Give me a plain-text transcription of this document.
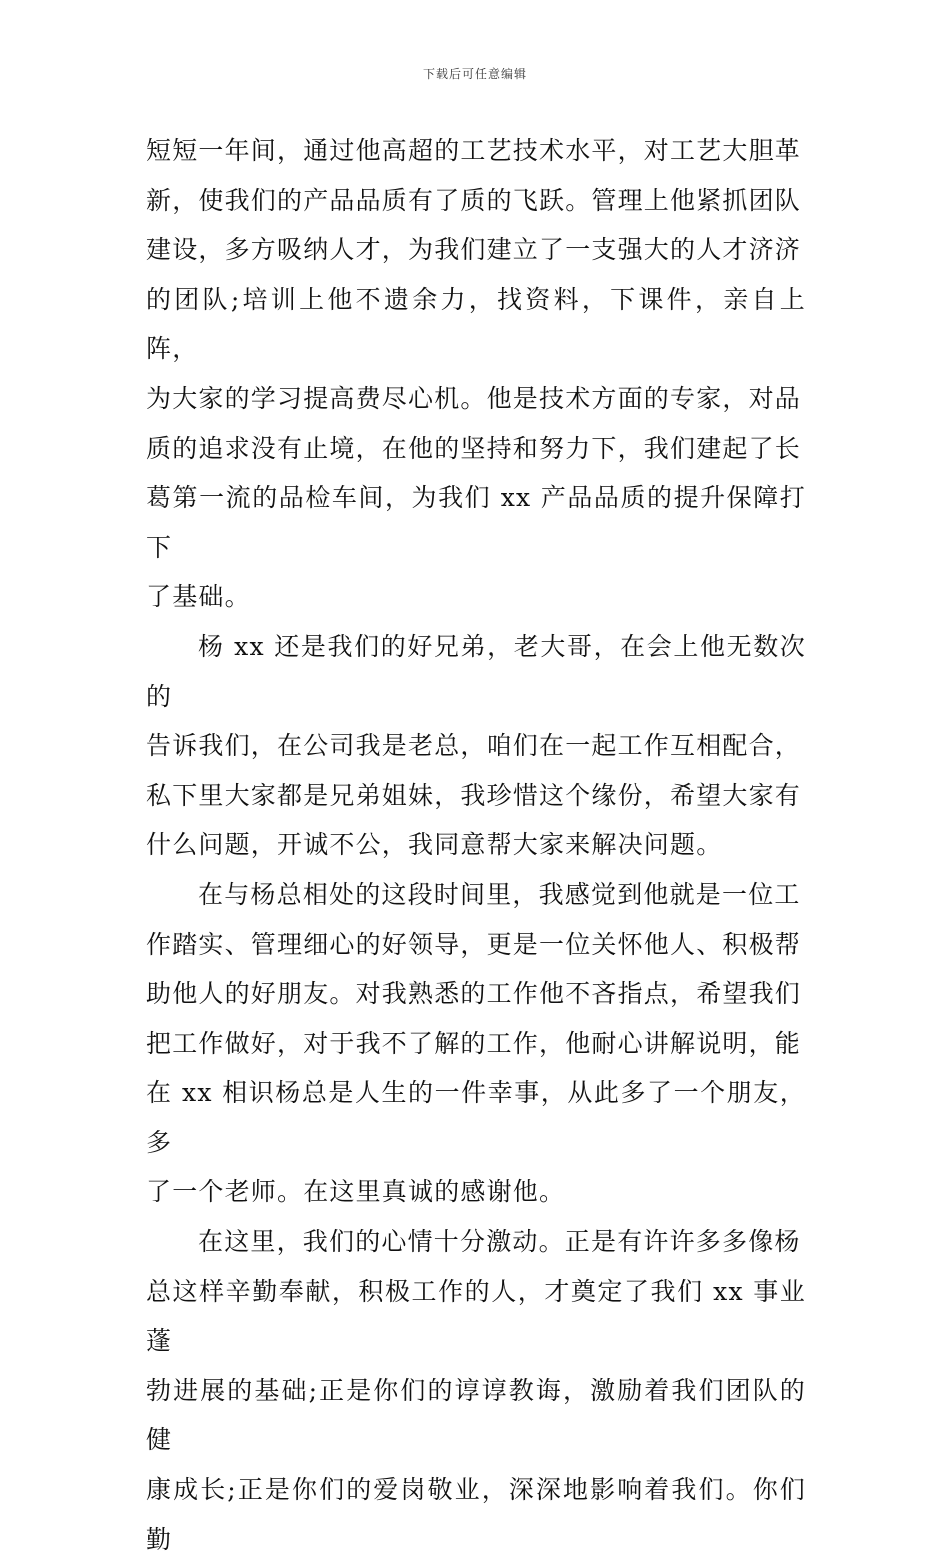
下载后可任意编辑

短短一年间，通过他高超的工艺技术水平，对工艺大胆革
新，使我们的产品品质有了质的飞跃。管理上他紧抓团队
建设，多方吸纳人才，为我们建立了一支强大的人才济济
的团队;培训上他不遗余力，找资料，下课件，亲自上阵，
为大家的学习提高费尽心机。他是技术方面的专家，对品
质的追求没有止境，在他的坚持和努力下，我们建起了长
葛第一流的品检车间，为我们 xx 产品品质的提升保障打下
了基础。

杨 xx 还是我们的好兄弟，老大哥，在会上他无数次的
告诉我们，在公司我是老总，咱们在一起工作互相配合，
私下里大家都是兄弟姐妹，我珍惜这个缘份，希望大家有
什么问题，开诚不公，我同意帮大家来解决问题。

在与杨总相处的这段时间里，我感觉到他就是一位工
作踏实、管理细心的好领导，更是一位关怀他人、积极帮
助他人的好朋友。对我熟悉的工作他不吝指点，希望我们
把工作做好，对于我不了解的工作，他耐心讲解说明，能
在 xx 相识杨总是人生的一件幸事，从此多了一个朋友，多
了一个老师。在这里真诚的感谢他。

在这里，我们的心情十分激动。正是有许许多多像杨
总这样辛勤奉献，积极工作的人，才奠定了我们 xx 事业蓬
勃进展的基础;正是你们的谆谆教诲，激励着我们团队的健
康成长;正是你们的爱岗敬业，深深地影响着我们。你们勤
